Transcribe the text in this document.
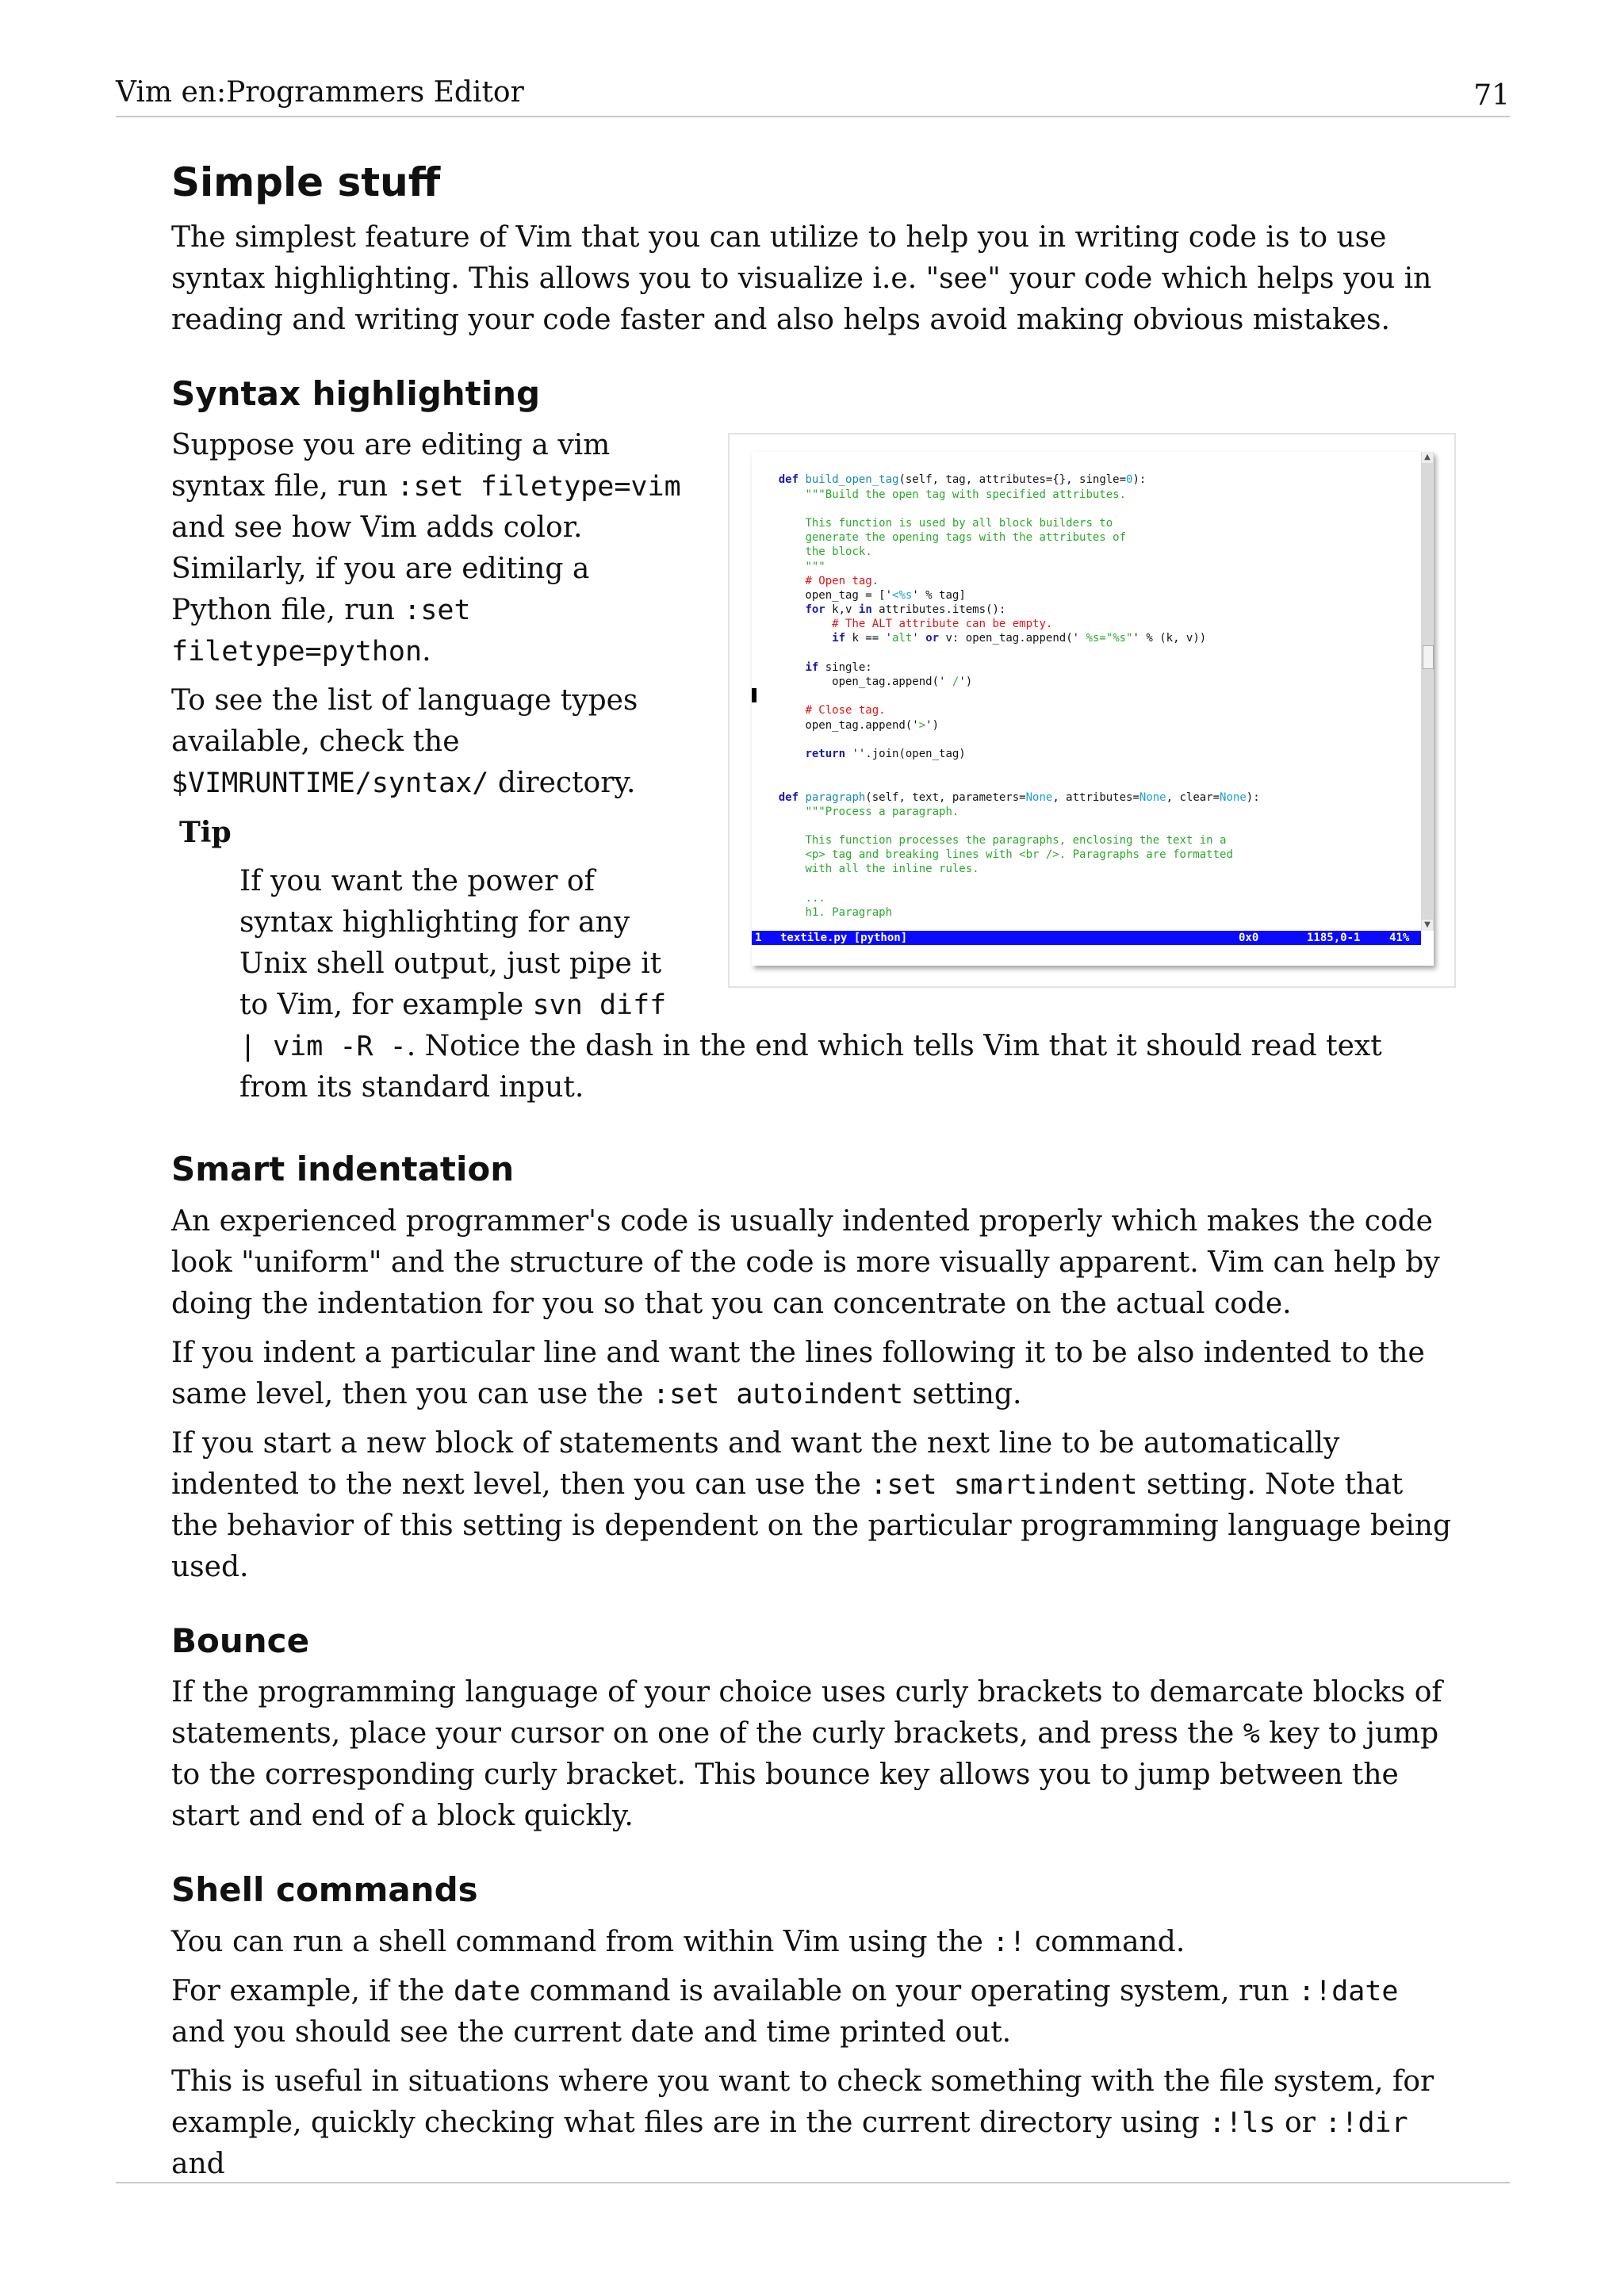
Vim en:Programmers Editor	71
Simple stuff

The simplest feature of Vim that you can utilize to help you in writing code is to use syntax highlighting. This allows you to visualize i.e. "see" your code which helps you in reading and writing your code faster and also helps avoid making obvious mistakes.

Syntax highlighting
def build_open_tag(self, tag, attributes={}, single=0):
"""Build the open tag with specified attributes.
This function is used by all block builders to
generate the opening tags with the attributes of
the block.
"""
# Open tag.
open_tag = ['<%s' % tag]
for k,v in attributes.items():
# The ALT attribute can be empty.
if k == 'alt' or v: open_tag.append(' %s="%s"' % (k, v))
if single:
open_tag.append(' /')
# Close tag.
open_tag.append('>')
return ''.join(open_tag)
def paragraph(self, text, parameters=None, attributes=None, clear=None):
"""Process a paragraph.
This function processes the paragraphs, enclosing the text in a
<p> tag and breaking lines with <br />. Paragraphs are formatted
with all the inline rules.
...
h1. Paragraph
▲
▼
1 textile.py [python]	0x0	1185,0-1	41%

Suppose you are editing a vim syntax file, run :set filetype=vim and see how Vim adds color. Similarly, if you are editing a Python file, run :set filetype=python.

To see the list of language types available, check the $VIMRUNTIME/syntax/ directory.

Tip

If you want the power of syntax highlighting for any Unix shell output, just pipe it to Vim, for example svn diff | vim -R -. Notice the dash in the end which tells Vim that it should read text from its standard input.

Smart indentation

An experienced programmer's code is usually indented properly which makes the code look "uniform" and the structure of the code is more visually apparent. Vim can help by doing the indentation for you so that you can concentrate on the actual code.

If you indent a particular line and want the lines following it to be also indented to the same level, then you can use the :set autoindent setting.

If you start a new block of statements and want the next line to be automatically indented to the next level, then you can use the :set smartindent setting. Note that the behavior of this setting is dependent on the particular programming language being used.

Bounce

If the programming language of your choice uses curly brackets to demarcate blocks of statements, place your cursor on one of the curly brackets, and press the % key to jump to the corresponding curly bracket. This bounce key allows you to jump between the start and end of a block quickly.

Shell commands

You can run a shell command from within Vim using the :! command.

For example, if the date command is available on your operating system, run :!date and you should see the current date and time printed out.

This is useful in situations where you want to check something with the file system, for example, quickly checking what files are in the current directory using :!ls or :!dir and
